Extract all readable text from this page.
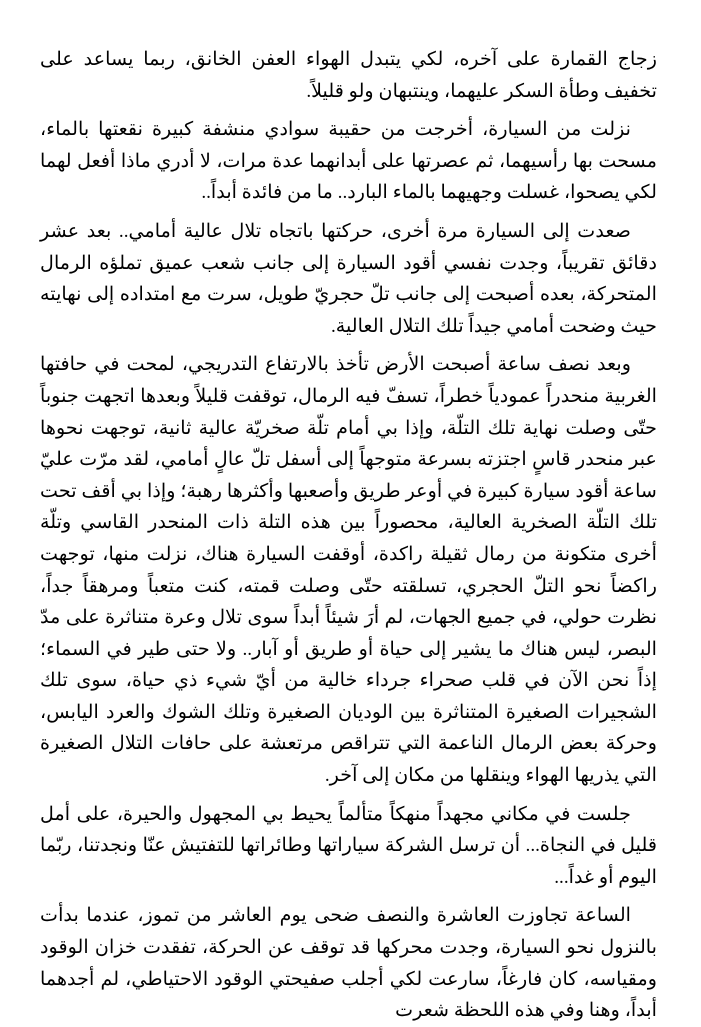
زجاج القمارة على آخره، لكي يتبدل الهواء العفن الخانق، ربما يساعد على تخفيف وطأة السكر عليهما، وينتبهان ولو قليلاً.

نزلت من السيارة، أخرجت من حقيبة سوادي منشفة كبيرة نقعتها بالماء، مسحت بها رأسيهما، ثم عصرتها على أبدانهما عدة مرات، لا أدري ماذا أفعل لهما لكي يصحوا، غسلت وجهيهما بالماء البارد.. ما من فائدة أبداً..

صعدت إلى السيارة مرة أخرى، حركتها باتجاه تلال عالية أمامي.. بعد عشر دقائق تقريباً، وجدت نفسي أقود السيارة إلى جانب شعب عميق تملؤه الرمال المتحركة، بعده أصبحت إلى جانب تلّ حجريّ طويل، سرت مع امتداده إلى نهايته حيث وضحت أمامي جيداً تلك التلال العالية.

وبعد نصف ساعة أصبحت الأرض تأخذ بالارتفاع التدريجي، لمحت في حافتها الغربية منحدراً عمودياً خطراً، تسفّ فيه الرمال، توقفت قليلاً وبعدها اتجهت جنوباً حتّى وصلت نهاية تلك التلّة، وإذا بي أمام تلّة صخريّة عالية ثانية، توجهت نحوها عبر منحدر قاسٍ اجتزته بسرعة متوجهاً إلى أسفل تلّ عالٍ أمامي، لقد مرّت عليّ ساعة أقود سيارة كبيرة في أوعر طريق وأصعبها وأكثرها رهبة؛ وإذا بي أقف تحت تلك التلّة الصخرية العالية، محصوراً بين هذه التلة ذات المنحدر القاسي وتلّة أخرى متكونة من رمال ثقيلة راكدة، أوقفت السيارة هناك، نزلت منها، توجهت راكضاً نحو التلّ الحجري، تسلقته حتّى وصلت قمته، كنت متعباً ومرهقاً جداً، نظرت حولي، في جميع الجهات، لم أرَ شيئاً أبداً سوى تلال وعرة متناثرة على مدّ البصر، ليس هناك ما يشير إلى حياة أو طريق أو آبار.. ولا حتى طير في السماء؛ إذاً نحن الآن في قلب صحراء جرداء خالية من أيّ شيء ذي حياة، سوى تلك الشجيرات الصغيرة المتناثرة بين الوديان الصغيرة وتلك الشوك والعرد اليابس، وحركة بعض الرمال الناعمة التي تتراقص مرتعشة على حافات التلال الصغيرة التي يذريها الهواء وينقلها من مكان إلى آخر.

جلست في مكاني مجهداً منهكاً متألماً يحيط بي المجهول والحيرة، على أمل قليل في النجاة... أن ترسل الشركة سياراتها وطائراتها للتفتيش عنّا ونجدتنا، ربّما اليوم أو غداً...

الساعة تجاوزت العاشرة والنصف ضحى يوم العاشر من تموز، عندما بدأت بالنزول نحو السيارة، وجدت محركها قد توقف عن الحركة، تفقدت خزان الوقود ومقياسه، كان فارغاً، سارعت لكي أجلب صفيحتي الوقود الاحتياطي، لم أجدهما أبداً، وهنا وفي هذه اللحظة شعرت
